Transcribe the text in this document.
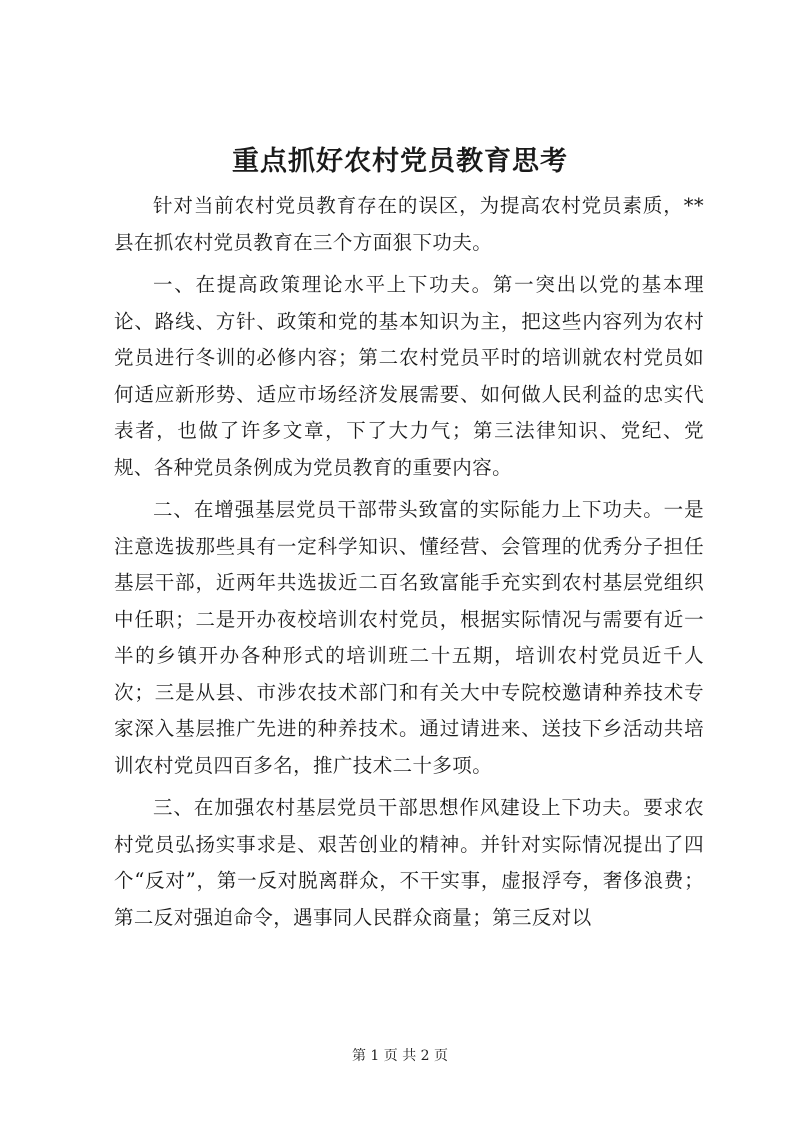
重点抓好农村党员教育思考

针对当前农村党员教育存在的误区，为提高农村党员素质，**县在抓农村党员教育在三个方面狠下功夫。

一、在提高政策理论水平上下功夫。第一突出以党的基本理论、路线、方针、政策和党的基本知识为主，把这些内容列为农村党员进行冬训的必修内容；第二农村党员平时的培训就农村党员如何适应新形势、适应市场经济发展需要、如何做人民利益的忠实代表者，也做了许多文章，下了大力气；第三法律知识、党纪、党规、各种党员条例成为党员教育的重要内容。

二、在增强基层党员干部带头致富的实际能力上下功夫。一是注意选拔那些具有一定科学知识、懂经营、会管理的优秀分子担任基层干部，近两年共选拔近二百名致富能手充实到农村基层党组织中任职；二是开办夜校培训农村党员，根据实际情况与需要有近一半的乡镇开办各种形式的培训班二十五期，培训农村党员近千人次；三是从县、市涉农技术部门和有关大中专院校邀请种养技术专家深入基层推广先进的种养技术。通过请进来、送技下乡活动共培训农村党员四百多名，推广技术二十多项。

三、在加强农村基层党员干部思想作风建设上下功夫。要求农村党员弘扬实事求是、艰苦创业的精神。并针对实际情况提出了四个“反对”，第一反对脱离群众，不干实事，虚报浮夸，奢侈浪费；第二反对强迫命令，遇事同人民群众商量；第三反对以

第 1 页 共 2 页
